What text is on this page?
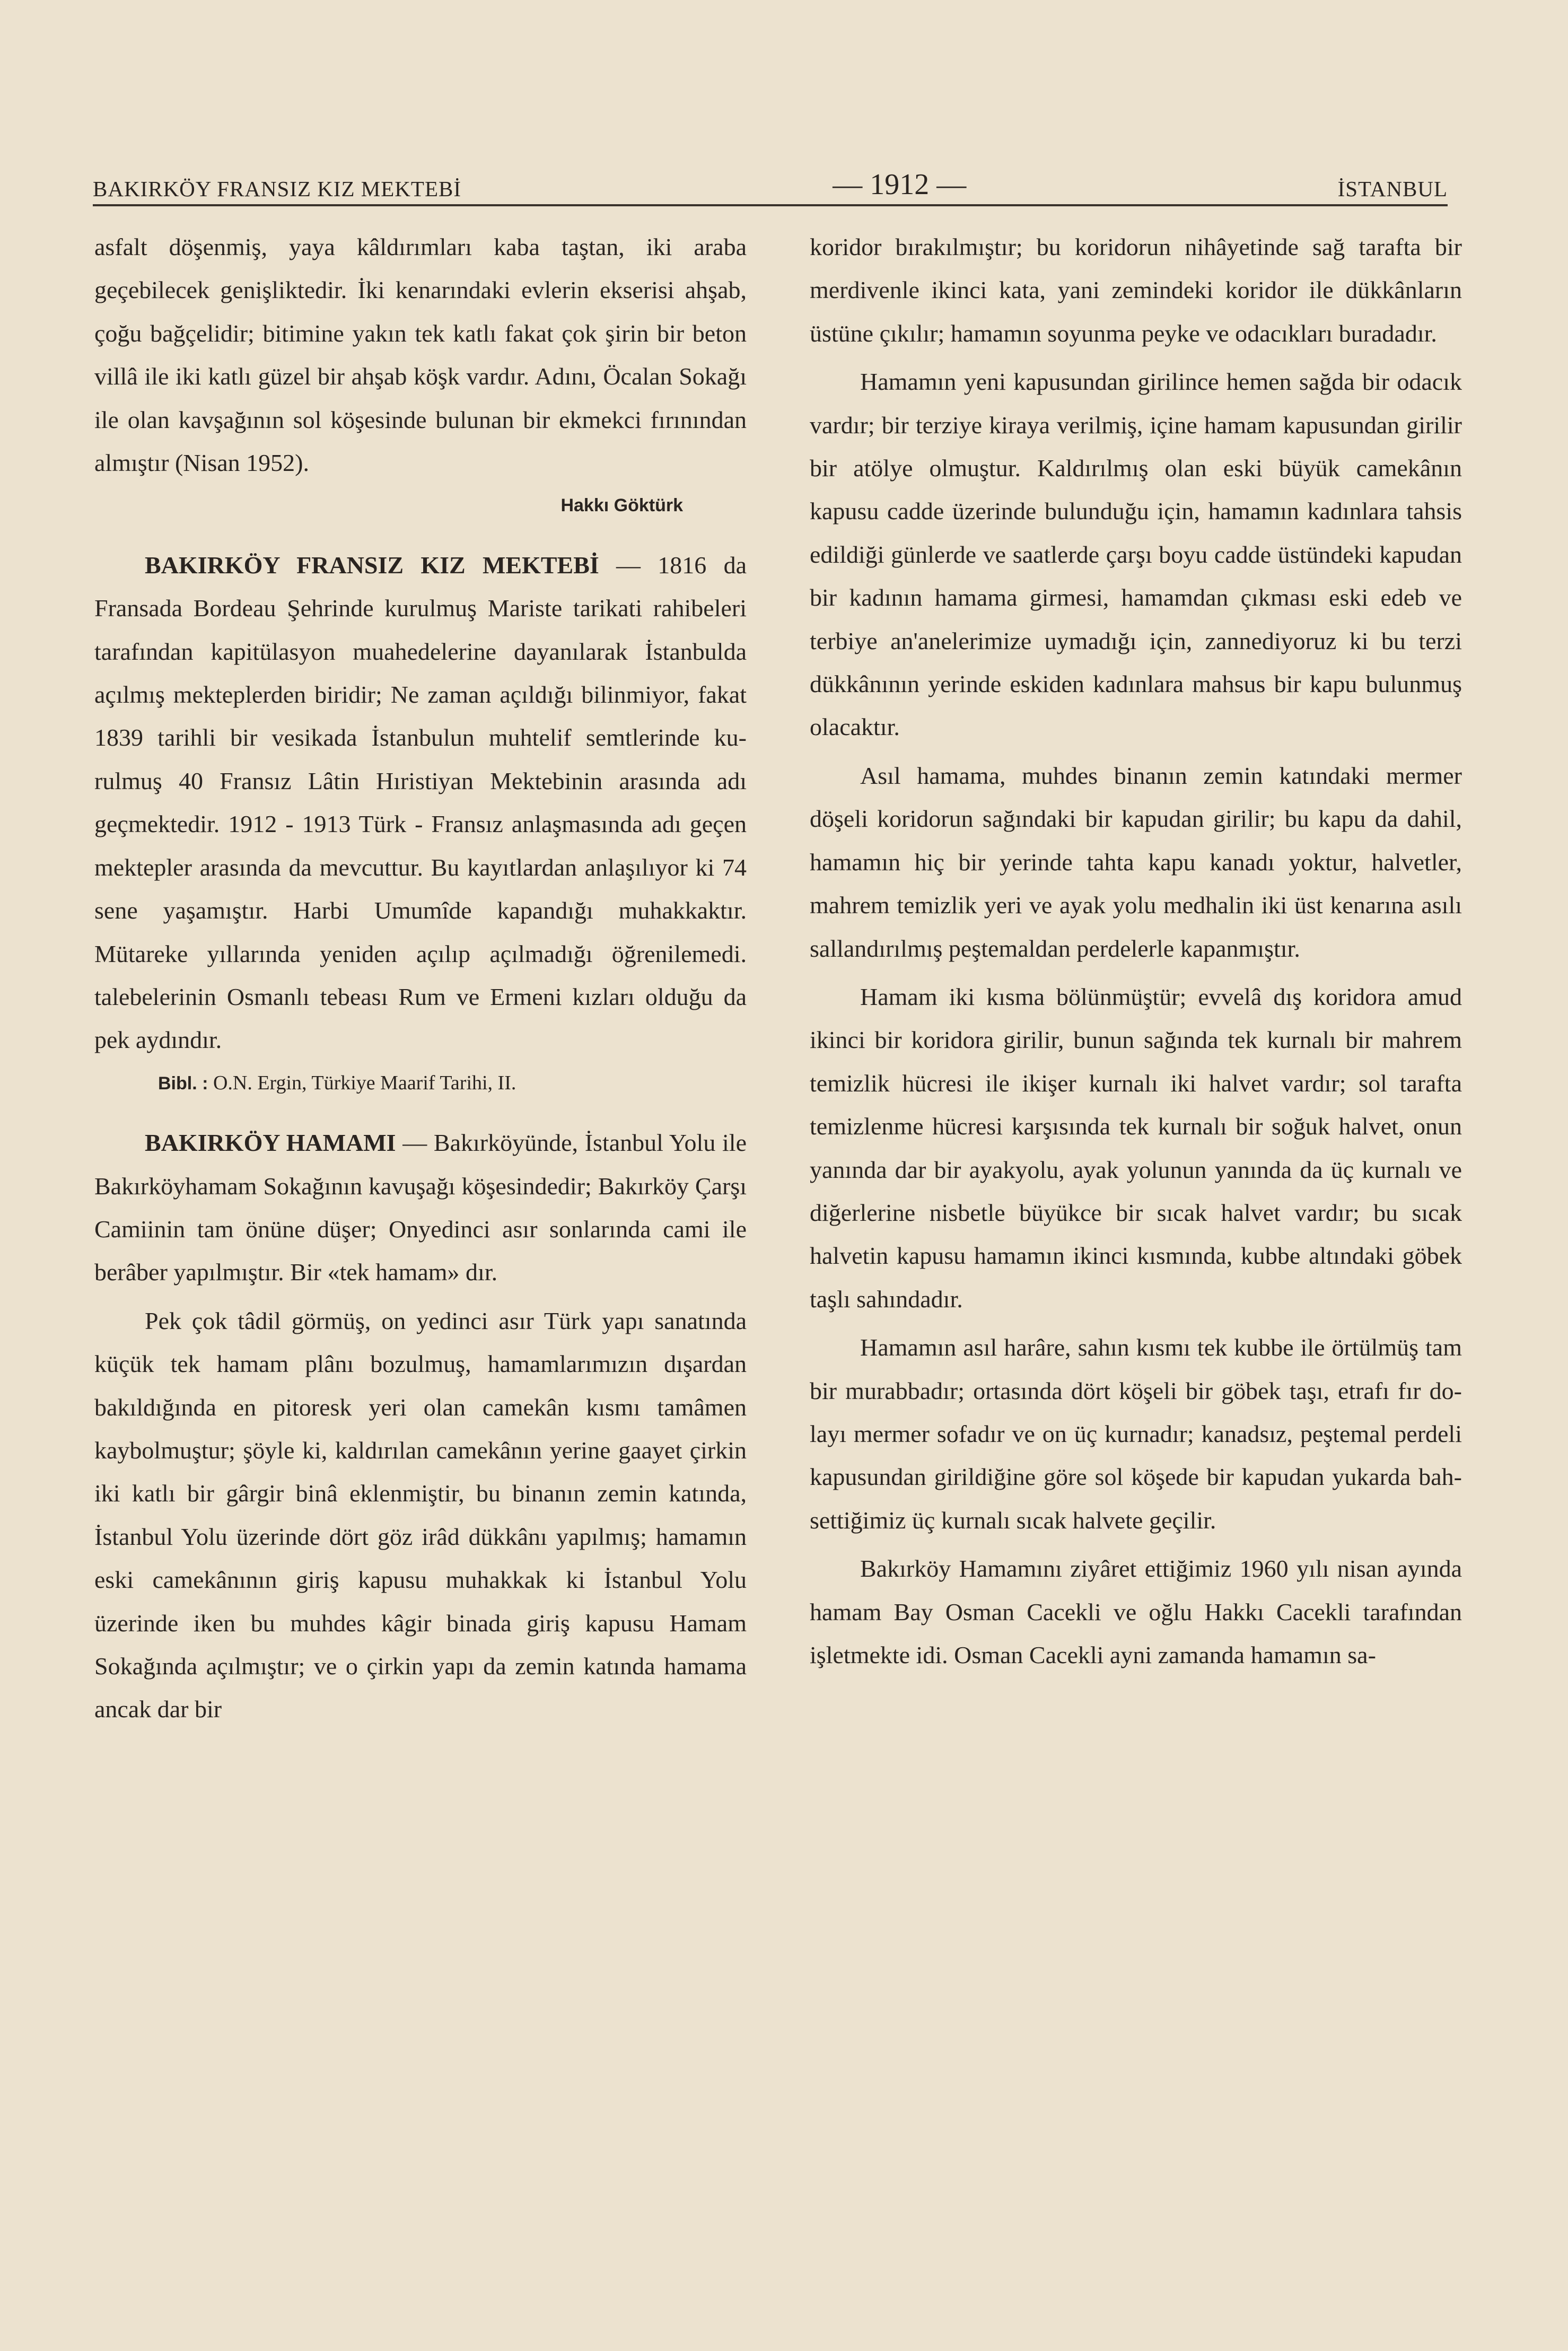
BAKIRKÖY FRANSIZ KIZ MEKTEBİ	— 1912 —	İSTANBUL

asfalt döşenmiş, yaya kâldırımları kaba taştan, iki araba geçebilecek genişliktedir. İki kenarındaki evlerin ekserisi ahşab, çoğu bağçelidir; bitimine yakın tek katlı fakat çok şirin bir beton villâ ile iki katlı güzel bir ahşab köşk vardır. Adını, Öcalan Sokağı ile olan kavşağının sol köşesinde bulunan bir ekmekci fırınından almıştır (Nisan 1952).

Hakkı Göktürk

BAKIRKÖY FRANSIZ KIZ MEKTEBİ — 1816 da Fransada Bordeau Şehrinde kurulmuş Mariste tarikati rahibeleri tarafından kapitülasyon muahedelerine dayanılarak İstanbulda açılmış mekteplerden biridir; Ne zaman açıldığı bilinmiyor, fakat 1839 tarihli bir vesikada İstanbulun muhtelif semtlerinde kurulmuş 40 Fransız Lâtin Hıristiyan Mektebinin arasında adı geçmektedir. 1912 - 1913 Türk - Fransız anlaşmasında adı geçen mektepler arasında da mevcuttur. Bu kayıtlardan anlaşılıyor ki 74 sene yaşamıştır. Harbi Umumîde kapandığı muhakkaktır. Mütareke yıllarında yeniden açılıp açılmadığı öğrenilemedi. talebelerinin Osmanlı tebeası Rum ve Ermeni kızları olduğu da pek aydındır.

Bibl. : O.N. Ergin, Türkiye Maarif Tarihi, II.

BAKIRKÖY HAMAMI — Bakırköyünde, İstanbul Yolu ile Bakırköyhamam Sokağının kavuşağı köşesindedir; Bakırköy Çarşı Camiinin tam önüne düşer; Onyedinci asır sonlarında cami ile berâber yapılmıştır. Bir «tek hamam» dır.

Pek çok tâdil görmüş, on yedinci asır Türk yapı sanatında küçük tek hamam plânı bozulmuş, hamamlarımızın dışardan bakıldığında en pitoresk yeri olan camekân kısmı tamâmen kaybolmuştur; şöyle ki, kaldırılan camekânın yerine gaayet çirkin iki katlı bir gârgir binâ eklenmiştir, bu binanın zemin katında, İstanbul Yolu üzerinde dört göz irâd dükkânı yapılmış; hamamın eski camekânının giriş kapusu muhakkak ki İstanbul Yolu üzerinde iken bu muhdes kâgir binada giriş kapusu Hamam Sokağında açılmıştır; ve o çirkin yapı da zemin katında hamama ancak dar bir

koridor bırakılmıştır; bu koridorun nihâyetinde sağ tarafta bir merdivenle ikinci kata, yani zemindeki koridor ile dükkânların üstüne çıkılır; hamamın soyunma peyke ve odacıkları buradadır.

Hamamın yeni kapusundan girilince hemen sağda bir odacık vardır; bir terziye kiraya verilmiş, içine hamam kapusundan girilir bir atölye olmuştur. Kaldırılmış olan eski büyük camekânın kapusu cadde üzerinde bulunduğu için, hamamın kadınlara tahsis edildiği günlerde ve saatlerde çarşı boyu cadde üstündeki kapudan bir kadının hamama girmesi, hamamdan çıkması eski edeb ve terbiye an'anelerimize uymadığı için, zannediyoruz ki bu terzi dükkânının yerinde eskiden kadınlara mahsus bir kapu bulunmuş olacaktır.

Asıl hamama, muhdes binanın zemin katındaki mermer döşeli koridorun sağındaki bir kapudan girilir; bu kapu da dahil, hamamın hiç bir yerinde tahta kapu kanadı yoktur, halvetler, mahrem temizlik yeri ve ayak yolu medhalin iki üst kenarına asılı sallandırılmış peştemaldan perdelerle kapanmıştır.

Hamam iki kısma bölünmüştür; evvelâ dış koridora amud ikinci bir koridora girilir, bunun sağında tek kurnalı bir mahrem temizlik hücresi ile ikişer kurnalı iki halvet vardır; sol tarafta temizlenme hücresi karşısında tek kurnalı bir soğuk halvet, onun yanında dar bir ayakyolu, ayak yolunun yanında da üç kurnalı ve diğerlerine nisbetle büyükce bir sıcak halvet vardır; bu sıcak halvetin kapusu hamamın ikinci kısmında, kubbe altındaki göbek taşlı sahındadır.

Hamamın asıl harâre, sahın kısmı tek kubbe ile örtülmüş tam bir murabbadır; ortasında dört köşeli bir göbek taşı, etrafı fır dolayı mermer sofadır ve on üç kurnadır; kanadsız, peştemal perdeli kapusundan girildiğine göre sol köşede bir kapudan yukarda bahsettiğimiz üç kurnalı sıcak halvete geçilir.

Bakırköy Hamamını ziyâret ettiğimiz 1960 yılı nisan ayında hamam Bay Osman Cacekli ve oğlu Hakkı Cacekli tarafından işletmekte idi. Osman Cacekli ayni zamanda hamamın sa-
